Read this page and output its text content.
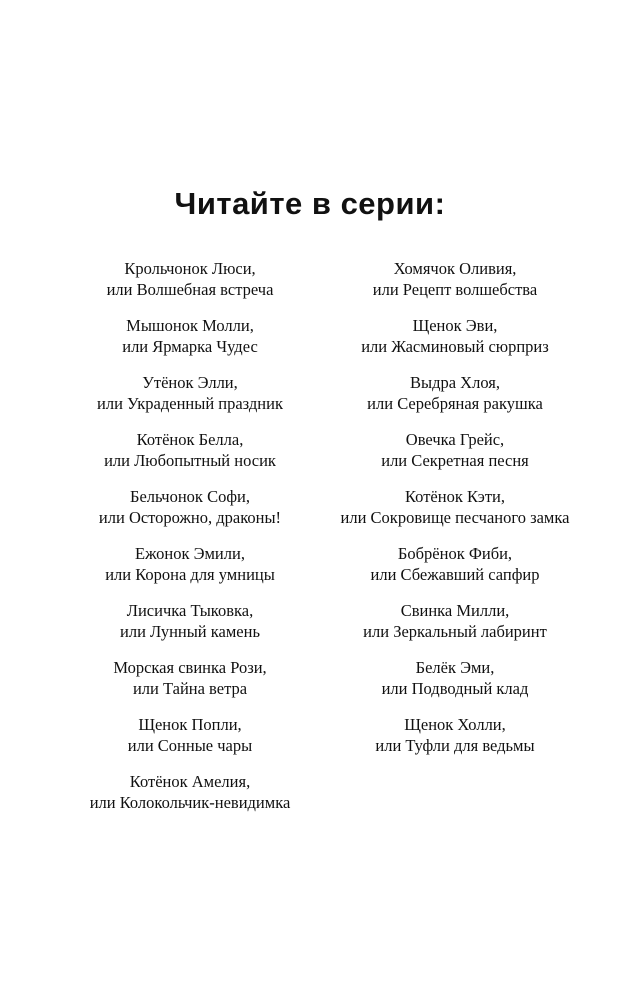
Читайте в серии:
Крольчонок Люси,
или Волшебная встреча
Мышонок Молли,
или Ярмарка Чудес
Утёнок Элли,
или Украденный праздник
Котёнок Белла,
или Любопытный носик
Бельчонок Софи,
или Осторожно, драконы!
Ежонок Эмили,
или Корона для умницы
Лисичка Тыковка,
или Лунный камень
Морская свинка Рози,
или Тайна ветра
Щенок Попли,
или Сонные чары
Котёнок Амелия,
или Колокольчик-невидимка
Хомячок Оливия,
или Рецепт волшебства
Щенок Эви,
или Жасминовый сюрприз
Выдра Хлоя,
или Серебряная ракушка
Овечка Грейс,
или Секретная песня
Котёнок Кэти,
или Сокровище песчаного замка
Бобрёнок Фиби,
или Сбежавший сапфир
Свинка Милли,
или Зеркальный лабиринт
Белёк Эми,
или Подводный клад
Щенок Холли,
или Туфли для ведьмы
